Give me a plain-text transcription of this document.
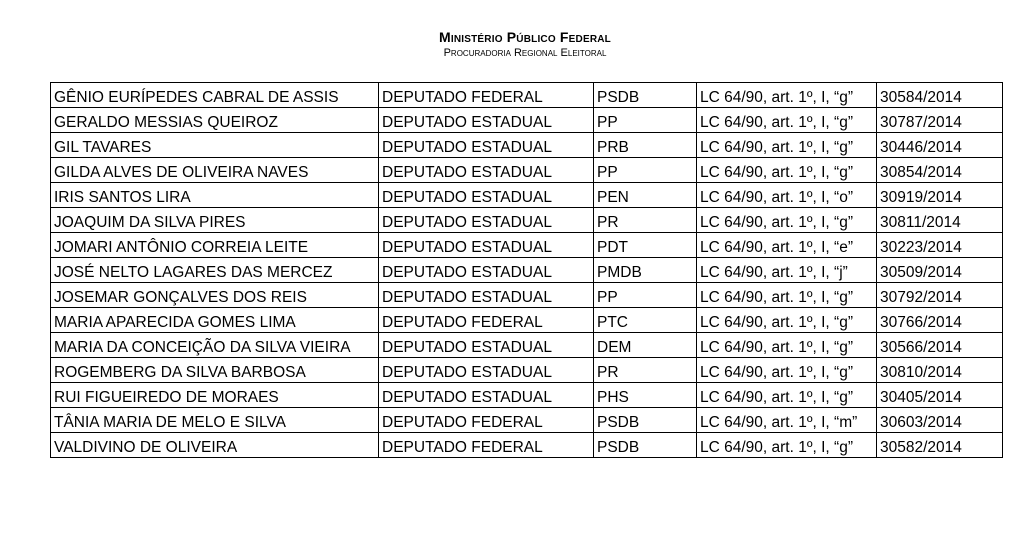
Ministério Público Federal
Procuradoria Regional Eleitoral
GÊNIO EURÍPEDES CABRAL DE ASSIS	DEPUTADO FEDERAL	PSDB	LC 64/90, art. 1º, I, “g”	30584/2014
GERALDO MESSIAS QUEIROZ	DEPUTADO ESTADUAL	PP	LC 64/90, art. 1º, I, “g”	30787/2014
GIL TAVARES	DEPUTADO ESTADUAL	PRB	LC 64/90, art. 1º, I, “g”	30446/2014
GILDA ALVES DE OLIVEIRA NAVES	DEPUTADO ESTADUAL	PP	LC 64/90, art. 1º, I, “g”	30854/2014
IRIS SANTOS LIRA	DEPUTADO ESTADUAL	PEN	LC 64/90, art. 1º, I, “o”	30919/2014
JOAQUIM DA SILVA PIRES	DEPUTADO ESTADUAL	PR	LC 64/90, art. 1º, I, “g”	30811/2014
JOMARI ANTÔNIO CORREIA LEITE	DEPUTADO ESTADUAL	PDT	LC 64/90, art. 1º, I, “e”	30223/2014
JOSÉ NELTO LAGARES DAS MERCEZ	DEPUTADO ESTADUAL	PMDB	LC 64/90, art. 1º, I, “j”	30509/2014
JOSEMAR GONÇALVES DOS REIS	DEPUTADO ESTADUAL	PP	LC 64/90, art. 1º, I, “g”	30792/2014
MARIA APARECIDA GOMES LIMA	DEPUTADO FEDERAL	PTC	LC 64/90, art. 1º, I, “g”	30766/2014
MARIA DA CONCEIÇÃO DA SILVA VIEIRA	DEPUTADO ESTADUAL	DEM	LC 64/90, art. 1º, I, “g”	30566/2014
ROGEMBERG DA SILVA BARBOSA	DEPUTADO ESTADUAL	PR	LC 64/90, art. 1º, I, “g”	30810/2014
RUI FIGUEIREDO DE MORAES	DEPUTADO ESTADUAL	PHS	LC 64/90, art. 1º, I, “g”	30405/2014
TÂNIA MARIA DE MELO E SILVA	DEPUTADO FEDERAL	PSDB	LC 64/90, art. 1º, I, “m”	30603/2014
VALDIVINO DE OLIVEIRA	DEPUTADO FEDERAL	PSDB	LC 64/90, art. 1º, I, “g”	30582/2014
